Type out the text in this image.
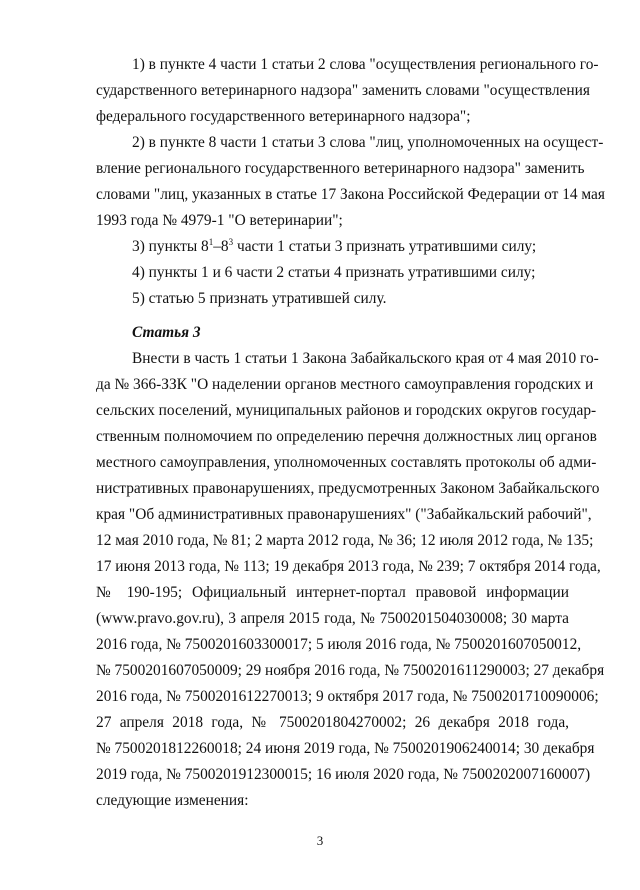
1) в пункте 4 части 1 статьи 2 слова "осуществления регионального го-
сударственного ветеринарного надзора" заменить словами "осуществления
федерального государственного ветеринарного надзора";
2) в пункте 8 части 1 статьи 3 слова "лиц, уполномоченных на осущест-
вление регионального государственного ветеринарного надзора" заменить
словами "лиц, указанных в статье 17 Закона Российской Федерации от 14 мая
1993 года № 4979-1 "О ветеринарии";
3) пункты $8^1-8^3$ части 1 статьи 3 признать утратившими силу;
4) пункты 1 и 6 части 2 статьи 4 признать утратившими силу;
5) статью 5 признать утратившей силу.
Статья 3
Внести в часть 1 статьи 1 Закона Забайкальского края от 4 мая 2010 го-
да № 366-ЗЗК "О наделении органов местного самоуправления городских и
сельских поселений, муниципальных районов и городских округов государ-
ственным полномочием по определению перечня должностных лиц органов
местного самоуправления, уполномоченных составлять протоколы об адми-
нистративных правонарушениях, предусмотренных Законом Забайкальского
края "Об административных правонарушениях" ("Забайкальский рабочий",
12 мая 2010 года, № 81; 2 марта 2012 года, № 36; 12 июля 2012 года, № 135;
17 июня 2013 года, № 113; 19 декабря 2013 года, № 239; 7 октября 2014 года,
№ 190-195; Официальный интернет-портал правовой информации
(www.pravo.gov.ru), 3 апреля 2015 года, № 7500201504030008; 30 марта
2016 года, № 7500201603300017; 5 июля 2016 года, № 7500201607050012,
№ 7500201607050009; 29 ноября 2016 года, № 7500201611290003; 27 декабря
2016 года, № 7500201612270013; 9 октября 2017 года, № 7500201710090006;
27 апреля 2018 года, № 7500201804270002; 26 декабря 2018 года,
№ 7500201812260018; 24 июня 2019 года, № 7500201906240014; 30 декабря
2019 года, № 7500201912300015; 16 июля 2020 года, № 7500202007160007)
следующие изменения:
3
